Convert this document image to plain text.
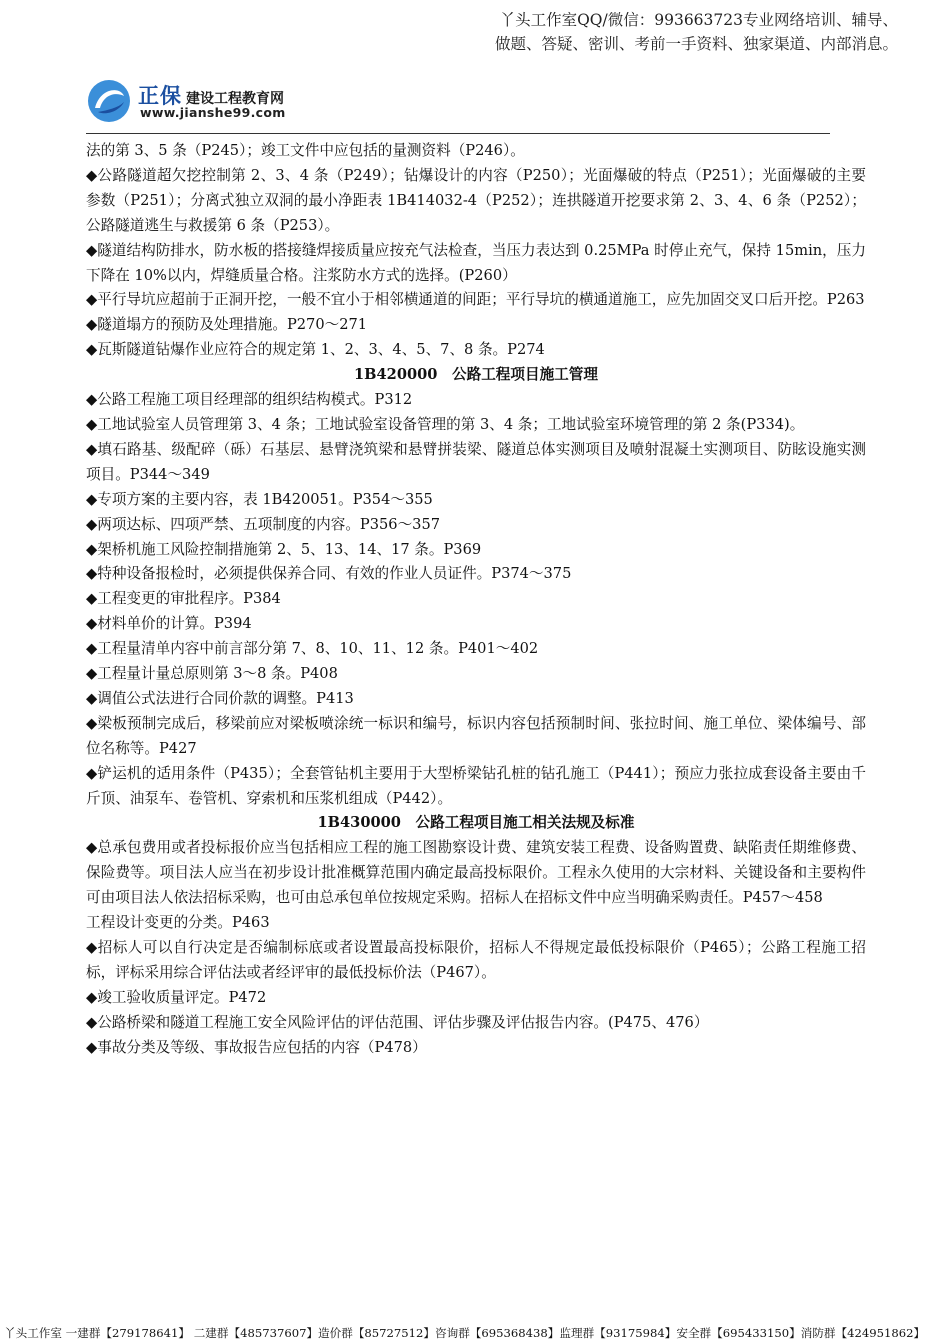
丫头工作室QQ/微信：993663723专业网络培训、辅导、
做题、答疑、密训、考前一手资料、独家渠道、内部消息。
正保 建设工程教育网
www.jianshe99.com

法的第 3、5 条（P245）；竣工文件中应包括的量测资料（P246）。

◆公路隧道超欠挖控制第 2、3、4 条（P249）；钻爆设计的内容（P250）；光面爆破的特点（P251）；光面爆破的主要参数（P251）；分离式独立双洞的最小净距表 1B414032-4（P252）；连拱隧道开挖要求第 2、3、4、6 条（P252）；公路隧道逃生与救援第 6 条（P253）。

◆隧道结构防排水，防水板的搭接缝焊接质量应按充气法检查，当压力表达到 0.25MPa 时停止充气，保持 15min，压力下降在 10%以内，焊缝质量合格。注浆防水方式的选择。(P260）

◆平行导坑应超前于正洞开挖，一般不宜小于相邻横通道的间距；平行导坑的横通道施工，应先加固交叉口后开挖。P263

◆隧道塌方的预防及处理措施。P270～271

◆瓦斯隧道钻爆作业应符合的规定第 1、2、3、4、5、7、8 条。P274

1B420000　公路工程项目施工管理

◆公路工程施工项目经理部的组织结构模式。P312

◆工地试验室人员管理第 3、4 条；工地试验室设备管理的第 3、4 条；工地试验室环境管理的第 2 条(P334)。

◆填石路基、级配碎（砾）石基层、悬臂浇筑梁和悬臂拼装梁、隧道总体实测项目及喷射混凝土实测项目、防眩设施实测项目。P344～349

◆专项方案的主要内容，表 1B420051。P354～355

◆两项达标、四项严禁、五项制度的内容。P356～357

◆架桥机施工风险控制措施第 2、5、13、14、17 条。P369

◆特种设备报检时，必须提供保养合同、有效的作业人员证件。P374～375

◆工程变更的审批程序。P384

◆材料单价的计算。P394

◆工程量清单内容中前言部分第 7、8、10、11、12 条。P401～402

◆工程量计量总原则第 3～8 条。P408

◆调值公式法进行合同价款的调整。P413

◆梁板预制完成后，移梁前应对梁板喷涂统一标识和编号，标识内容包括预制时间、张拉时间、施工单位、梁体编号、部位名称等。P427

◆铲运机的适用条件（P435）；全套管钻机主要用于大型桥梁钻孔桩的钻孔施工（P441）；预应力张拉成套设备主要由千斤顶、油泵车、卷管机、穿索机和压浆机组成（P442）。

1B430000　公路工程项目施工相关法规及标准

◆总承包费用或者投标报价应当包括相应工程的施工图勘察设计费、建筑安装工程费、设备购置费、缺陷责任期维修费、保险费等。项目法人应当在初步设计批准概算范围内确定最高投标限价。工程永久使用的大宗材料、关键设备和主要构件可由项目法人依法招标采购，也可由总承包单位按规定采购。招标人在招标文件中应当明确采购责任。P457～458

工程设计变更的分类。P463

◆招标人可以自行决定是否编制标底或者设置最高投标限价，招标人不得规定最低投标限价（P465）；公路工程施工招标，评标采用综合评估法或者经评审的最低投标价法（P467）。

◆竣工验收质量评定。P472

◆公路桥梁和隧道工程施工安全风险评估的评估范围、评估步骤及评估报告内容。(P475、476）

◆事故分类及等级、事故报告应包括的内容（P478）

丫头工作室 一建群【279178641】 二建群【485737607】造价群【85727512】咨询群【695368438】监理群【93175984】安全群【695433150】消防群【424951862】
